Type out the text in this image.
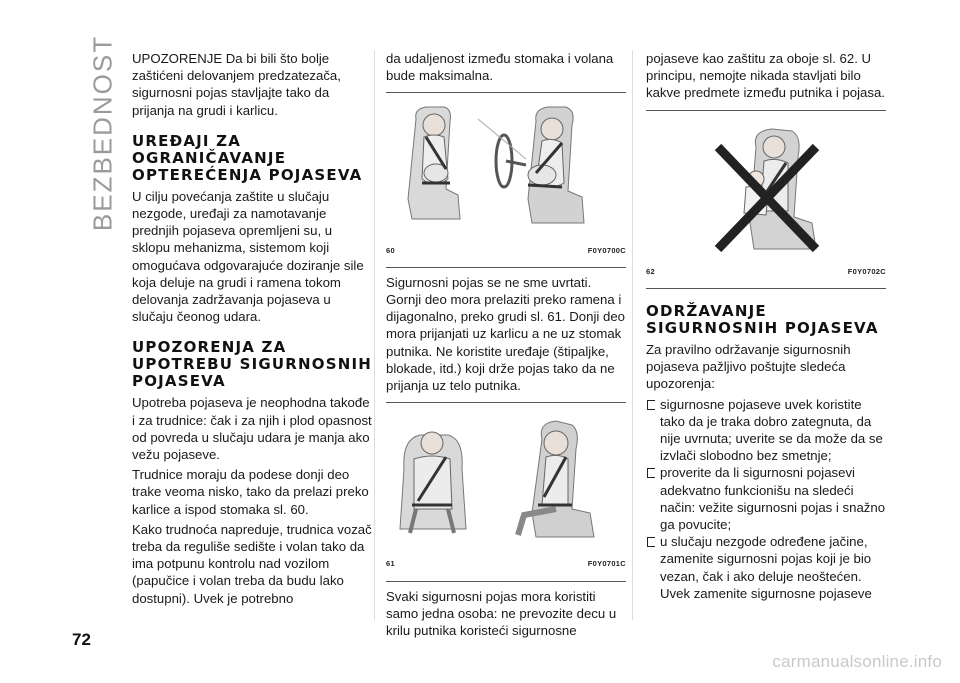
BEZBEDNOST UPOZORENJE Da bi bili što bolje zaštićeni delovanjem predzatezača, sigurnosni pojas stavljajte tako da prijanja na grudi i karlicu.

UREĐAJI ZA OGRANIČAVANJE OPTEREĆENJA POJASEVA

U cilju povećanja zaštite u slučaju nezgode, uređaji za namotavanje prednjih pojaseva opremljeni su, u sklopu mehanizma, sistemom koji omogućava odgovarajuće doziranje sile koja deluje na grudi i ramena tokom delovanja zadržavanja pojaseva u slučaju čeonog udara.

UPOZORENJA ZA UPOTREBU SIGURNOSNIH POJASEVA

Upotreba pojaseva je neophodna takođe i za trudnice: čak i za njih i plod opasnost od povreda u slučaju udara je manja ako vežu pojaseve.

Trudnice moraju da podese donji deo trake veoma nisko, tako da prelazi preko karlice a ispod stomaka sl. 60.

Kako trudnoća napreduje, trudnica vozač treba da reguliše sedište i volan tako da ima potpunu kontrolu nad vozilom (papučice i volan treba da budu lako dostupni). Uvek je potrebno

da udaljenost između stomaka i volana bude maksimalna.

60	F0Y0700C

Sigurnosni pojas se ne sme uvrtati. Gornji deo mora prelaziti preko ramena i dijagonalno, preko grudi sl. 61. Donji deo mora prijanjati uz karlicu a ne uz stomak putnika. Ne koristite uređaje (štipaljke, blokade, itd.) koji drže pojas tako da ne prijanja uz telo putnika.

61	F0Y0701C

Svaki sigurnosni pojas mora koristiti samo jedna osoba: ne prevozite decu u krilu putnika koristeći sigurnosne

pojaseve kao zaštitu za oboje sl. 62. U principu, nemojte nikada stavljati bilo kakve predmete između putnika i pojasa.

62	F0Y0702C
ODRŽAVANJE SIGURNOSNIH POJASEVA

Za pravilno održavanje sigurnosnih pojaseva pažljivo poštujte sledeća upozorenja:

sigurnosne pojaseve uvek koristite tako da je traka dobro zategnuta, da nije uvrnuta; uverite se da može da se izvlači slobodno bez smetnje;
proverite da li sigurnosni pojasevi adekvatno funkcionišu na sledeći način: vežite sigurnosni pojas i snažno ga povucite;
u slučaju nezgode određene jačine, zamenite sigurnosni pojas koji je bio vezan, čak i ako deluje neoštećen. Uvek zamenite sigurnosne pojaseve
72
carmanualsonline.info
